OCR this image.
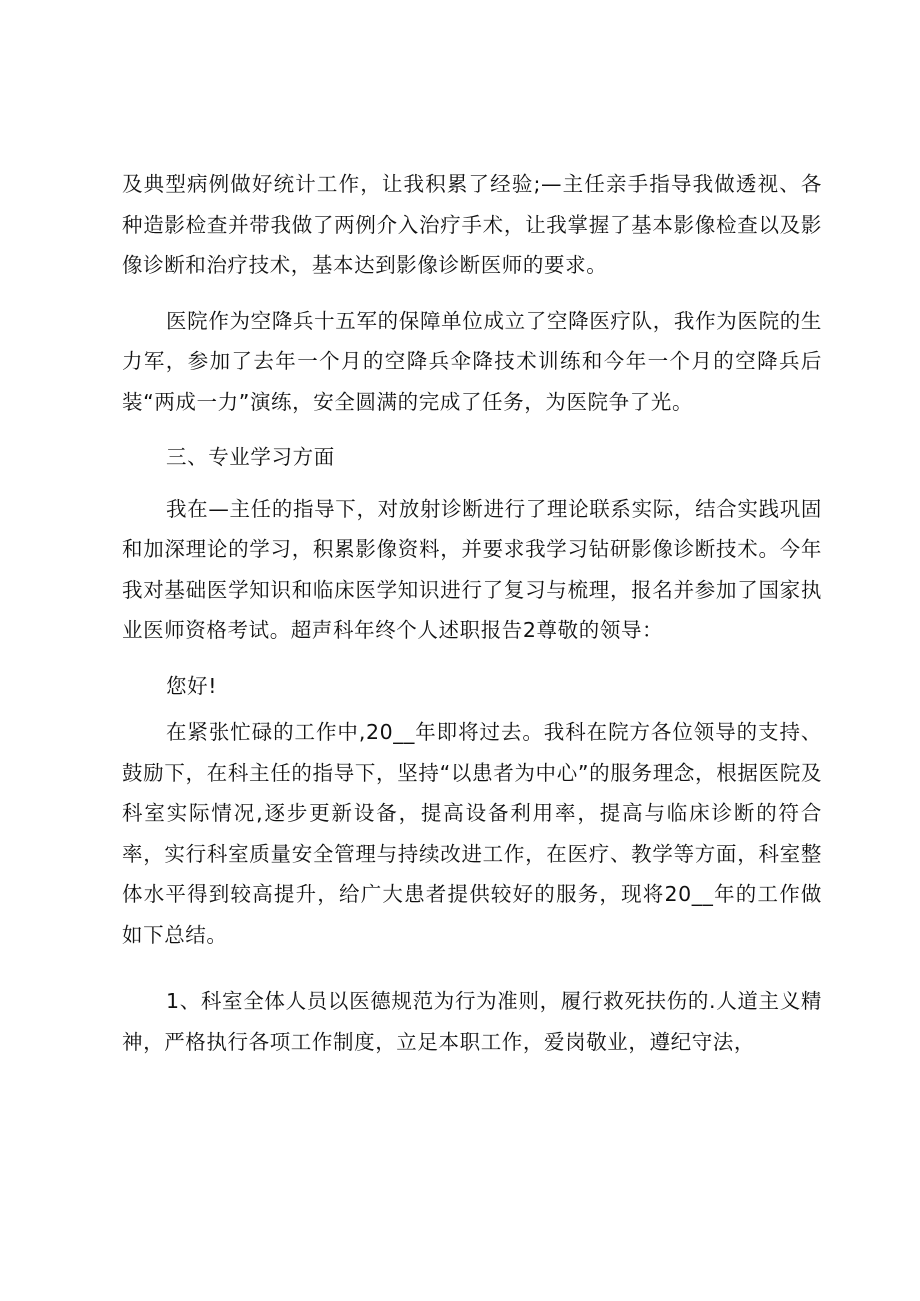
及典型病例做好统计工作，让我积累了经验;—主任亲手指导我做透视、各种造影检查并带我做了两例介入治疗手术，让我掌握了基本影像检查以及影像诊断和治疗技术，基本达到影像诊断医师的要求。

医院作为空降兵十五军的保障单位成立了空降医疗队，我作为医院的生力军，参加了去年一个月的空降兵伞降技术训练和今年一个月的空降兵后装“两成一力”演练，安全圆满的完成了任务，为医院争了光。

三、专业学习方面

我在—主任的指导下，对放射诊断进行了理论联系实际，结合实践巩固和加深理论的学习，积累影像资料，并要求我学习钻研影像诊断技术。今年我对基础医学知识和临床医学知识进行了复习与梳理，报名并参加了国家执业医师资格考试。超声科年终个人述职报告2尊敬的领导：

您好!

在紧张忙碌的工作中,20__年即将过去。我科在院方各位领导的支持、鼓励下，在科主任的指导下，坚持“以患者为中心”的服务理念，根据医院及科室实际情况,逐步更新设备，提高设备利用率，提高与临床诊断的符合率，实行科室质量安全管理与持续改进工作，在医疗、教学等方面，科室整体水平得到较高提升，给广大患者提供较好的服务，现将20__年的工作做如下总结。

1、科室全体人员以医德规范为行为准则，履行救死扶伤的.人道主义精神，严格执行各项工作制度，立足本职工作，爱岗敬业，遵纪守法，
